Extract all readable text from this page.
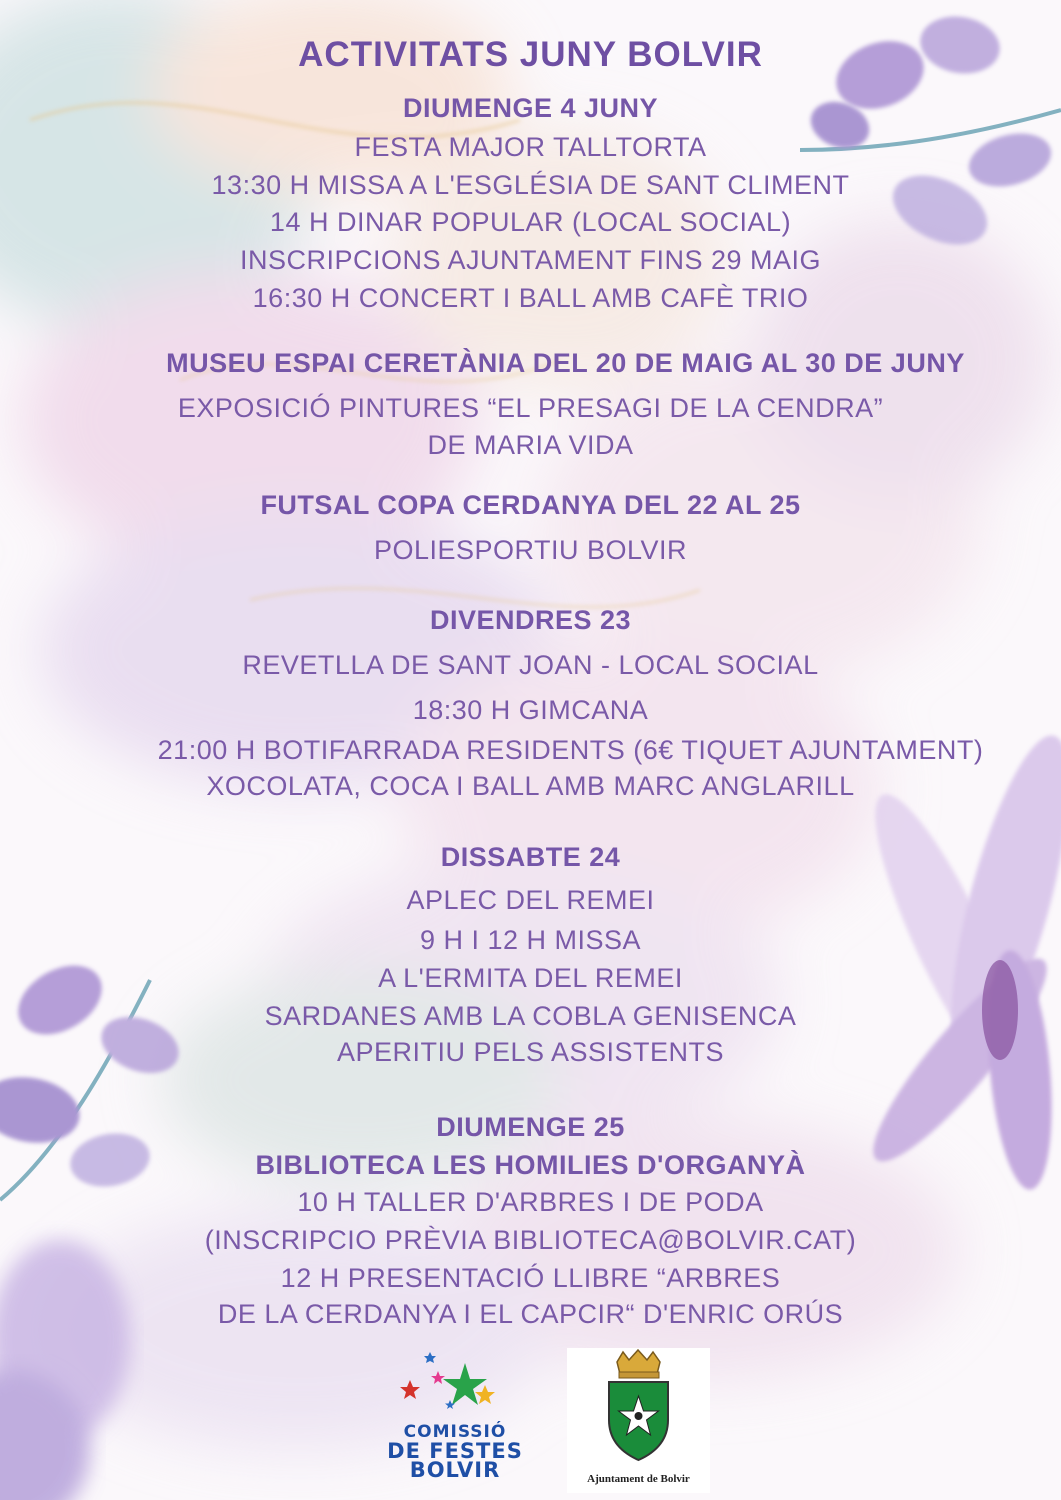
ACTIVITATS JUNY BOLVIR
DIUMENGE 4 JUNY
FESTA MAJOR TALLTORTA
13:30 H MISSA A L'ESGLÉSIA DE SANT CLIMENT
14 H DINAR POPULAR (LOCAL SOCIAL)
INSCRIPCIONS AJUNTAMENT FINS 29 MAIG
16:30 H CONCERT I BALL AMB CAFÈ TRIO
MUSEU ESPAI CERETÀNIA DEL 20 DE MAIG AL 30 DE JUNY
EXPOSICIÓ PINTURES “EL PRESAGI DE LA CENDRA”
DE MARIA VIDA
FUTSAL COPA CERDANYA DEL 22 AL 25
POLIESPORTIU BOLVIR
DIVENDRES 23
REVETLLA DE SANT JOAN - LOCAL SOCIAL
18:30 H GIMCANA
21:00 H BOTIFARRADA RESIDENTS (6€ TIQUET AJUNTAMENT)
XOCOLATA, COCA I BALL AMB MARC ANGLARILL
DISSABTE 24
APLEC DEL REMEI
9 H I 12 H MISSA
A L'ERMITA DEL REMEI
SARDANES AMB LA COBLA GENISENCA
APERITIU PELS ASSISTENTS
DIUMENGE 25
BIBLIOTECA LES HOMILIES D'ORGANYÀ
10 H TALLER D'ARBRES I DE PODA
(INSCRIPCIO PRÈVIA BIBLIOTECA@BOLVIR.CAT)
12 H PRESENTACIÓ LLIBRE “ARBRES
DE LA CERDANYA I EL CAPCIR“ D'ENRIC ORÚS
COMISSIÓ
DE FESTES
BOLVIR	Ajuntament de Bolvir
